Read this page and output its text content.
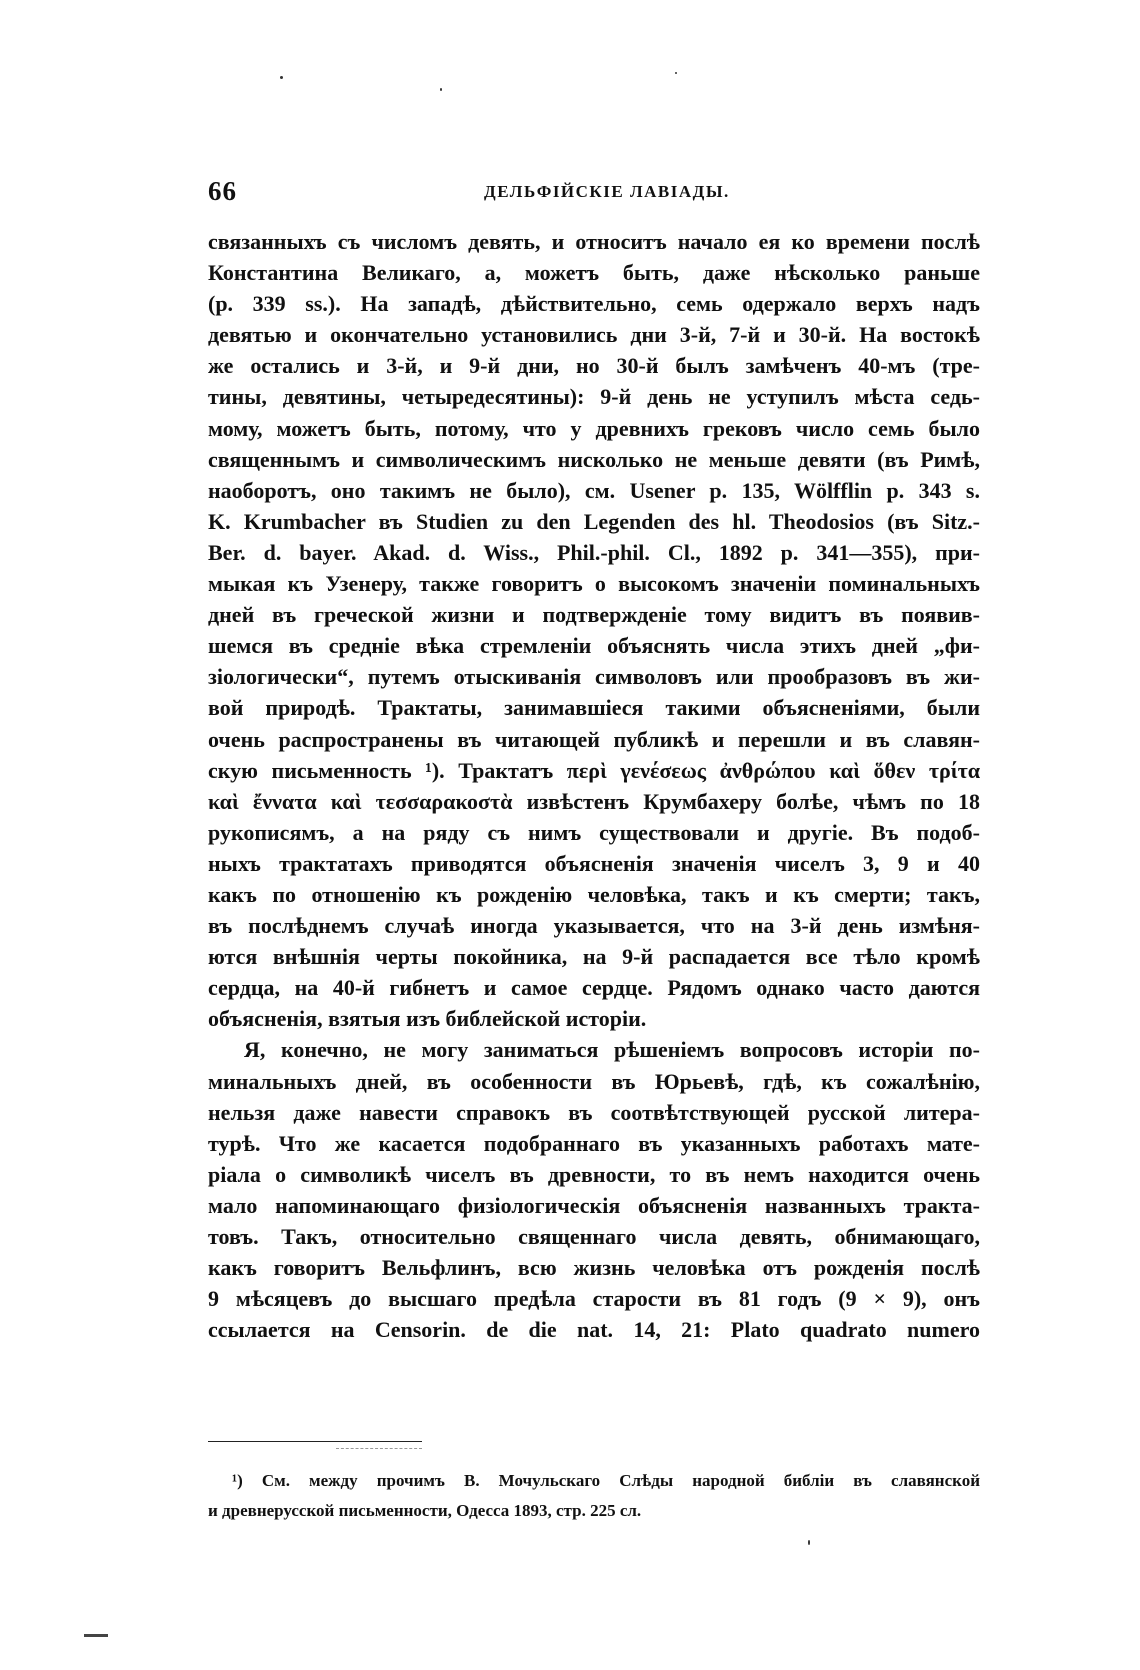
66	ДЕЛЬФІЙСКІЕ ЛАВІАДЫ.
связанныхъ съ числомъ девять, и относитъ начало ея ко времени послѣ
Константина Великаго, а, можетъ быть, даже нѣсколько раньше
(р. 339 ss.). На западѣ, дѣйствительно, семь одержало верхъ надъ
девятью и окончательно установились дни 3-й, 7-й и 30-й. На востокѣ
же остались и 3-й, и 9-й дни, но 30-й былъ замѣченъ 40-мъ (тре-
тины, девятины, четыредесятины): 9-й день не уступилъ мѣста седь-
мому, можетъ быть, потому, что у древнихъ грековъ число семь было
священнымъ и символическимъ нисколько не меньше девяти (въ Римѣ,
наоборотъ, оно такимъ не было), см. Usener p. 135, Wölfflin p. 343 s.
K. Krumbacher въ Studien zu den Legenden des hl. Theodosios (въ Sitz.-
Ber. d. bayer. Akad. d. Wiss., Phil.-phil. Cl., 1892 p. 341—355), при-
мыкая къ Узенеру, также говоритъ о высокомъ значеніи поминальныхъ
дней въ греческой жизни и подтвержденіе тому видитъ въ появив-
шемся въ средніе вѣка стремленіи объяснять числа этихъ дней „фи-
зіологически“, путемъ отыскиванія символовъ или прообразовъ въ жи-
вой природѣ. Трактаты, занимавшіеся такими объясненіями, были
очень распространены въ читающей публикѣ и перешли и въ славян-
скую письменность ¹). Трактатъ περὶ γενέσεως ἀνθρώπου καὶ ὅθεν τρίτα
καὶ ἔννατα καὶ τεσσαρακοστὰ извѣстенъ Крумбахеру болѣе, чѣмъ по 18
рукописямъ, а на ряду съ нимъ существовали и другіе. Въ подоб-
ныхъ трактатахъ приводятся объясненія значенія чиселъ 3, 9 и 40
какъ по отношенію къ рожденію человѣка, такъ и къ смерти; такъ,
въ послѣднемъ случаѣ иногда указывается, что на 3-й день измѣня-
ются внѣшнія черты покойника, на 9-й распадается все тѣло кромѣ
сердца, на 40-й гибнетъ и самое сердце. Рядомъ однако часто даются
объясненія, взятыя изъ библейской исторіи.
Я, конечно, не могу заниматься рѣшеніемъ вопросовъ исторіи по-
минальныхъ дней, въ особенности въ Юрьевѣ, гдѣ, къ сожалѣнію,
нельзя даже навести справокъ въ соотвѣтствующей русской литера-
турѣ. Что же касается подобраннаго въ указанныхъ работахъ мате-
ріала о символикѣ чиселъ въ древности, то въ немъ находится очень
мало напоминающаго физіологическія объясненія названныхъ тракта-
товъ. Такъ, относительно священнаго числа девять, обнимающаго,
какъ говоритъ Вельфлинъ, всю жизнь человѣка отъ рожденія послѣ
9 мѣсяцевъ до высшаго предѣла старости въ 81 годъ (9 × 9), онъ
ссылается на Censorin. de die nat. 14, 21: Plato quadrato numero
¹) См. между прочимъ В. Мочульскаго Слѣды народной библіи въ славянской
и древнерусской письменности, Одесса 1893, стр. 225 сл.
